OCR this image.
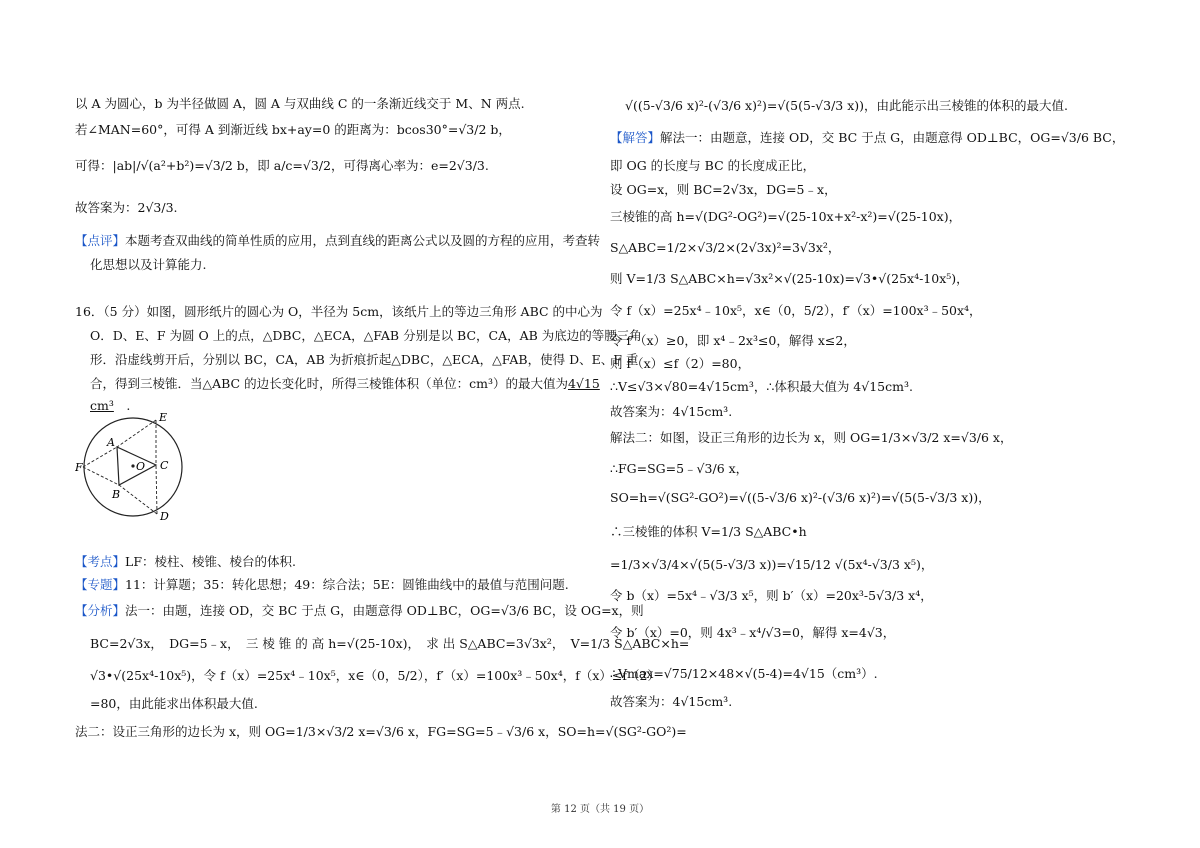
以 A 为圆心，b 为半径做圆 A，圆 A 与双曲线 C 的一条渐近线交于 M、N 两点.
若∠MAN=60°，可得 A 到渐近线 bx+ay=0 的距离为：bcos30°=√3/2 b，
可得：|ab|/√(a²+b²)=√3/2 b，即 a/c=√3/2，可得离心率为：e=2√3/3.
故答案为：2√3/3.
【点评】本题考查双曲线的简单性质的应用，点到直线的距离公式以及圆的方程的应用，考查转
化思想以及计算能力.
16．（5 分）如图，圆形纸片的圆心为 O，半径为 5cm，该纸片上的等边三角形 ABC 的中心为
O．D、E、F 为圆 O 上的点，△DBC，△ECA，△FAB 分别是以 BC，CA，AB 为底边的等腰三角
形．沿虚线剪开后，分别以 BC，CA，AB 为折痕折起△DBC，△ECA，△FAB，使得 D、E、F 重
合，得到三棱锥．当△ABC 的边长变化时，所得三棱锥体积（单位：cm³）的最大值为4√15
cm³　.
E
A
F	O C
B
D
【考点】LF：棱柱、棱锥、棱台的体积.
【专题】11：计算题；35：转化思想；49：综合法；5E：圆锥曲线中的最值与范围问题.
【分析】法一：由题，连接 OD，交 BC 于点 G，由题意得 OD⊥BC，OG=√3/6 BC，设 OG=x，则
BC=2√3x，　DG=5﹣x，　三 棱 锥 的 高 h=√(25-10x)，　求 出 S△ABC=3√3x²，　V=1/3 S△ABC×h=
√3•√(25x⁴-10x⁵)，令 f（x）=25x⁴﹣10x⁵，x∈（0，5/2），f′（x）=100x³﹣50x⁴，f（x）≤f（2）
=80，由此能求出体积最大值.
法二：设正三角形的边长为 x，则 OG=1/3×√3/2 x=√3/6 x，FG=SG=5﹣√3/6 x，SO=h=√(SG²-GO²)=
√((5-√3/6 x)²-(√3/6 x)²)=√(5(5-√3/3 x))，由此能示出三棱锥的体积的最大值.
【解答】解法一：由题意，连接 OD，交 BC 于点 G，由题意得 OD⊥BC，OG=√3/6 BC，
即 OG 的长度与 BC 的长度成正比，
设 OG=x，则 BC=2√3x，DG=5﹣x，
三棱锥的高 h=√(DG²-OG²)=√(25-10x+x²-x²)=√(25-10x)，
S△ABC=1/2×√3/2×(2√3x)²=3√3x²，
则 V=1/3 S△ABC×h=√3x²×√(25-10x)=√3•√(25x⁴-10x⁵)，
令 f（x）=25x⁴﹣10x⁵，x∈（0，5/2），f′（x）=100x³﹣50x⁴，
令 f′（x）≥0，即 x⁴﹣2x³≤0，解得 x≤2，
则 f（x）≤f（2）=80，
∴V≤√3×√80=4√15cm³，∴体积最大值为 4√15cm³.
故答案为：4√15cm³.
解法二：如图，设正三角形的边长为 x，则 OG=1/3×√3/2 x=√3/6 x，
∴FG=SG=5﹣√3/6 x，
SO=h=√(SG²-GO²)=√((5-√3/6 x)²-(√3/6 x)²)=√(5(5-√3/3 x))，
∴三棱锥的体积 V=1/3 S△ABC•h
=1/3×√3/4×√(5(5-√3/3 x))=√15/12 √(5x⁴-√3/3 x⁵)，
令 b（x）=5x⁴﹣√3/3 x⁵，则 b′（x）=20x³-5√3/3 x⁴，
令 b′（x）=0，则 4x³﹣x⁴/√3=0，解得 x=4√3，
∴Vmax=√75/12×48×√(5-4)=4√15（cm³）.
故答案为：4√15cm³.
第 12 页（共 19 页）
